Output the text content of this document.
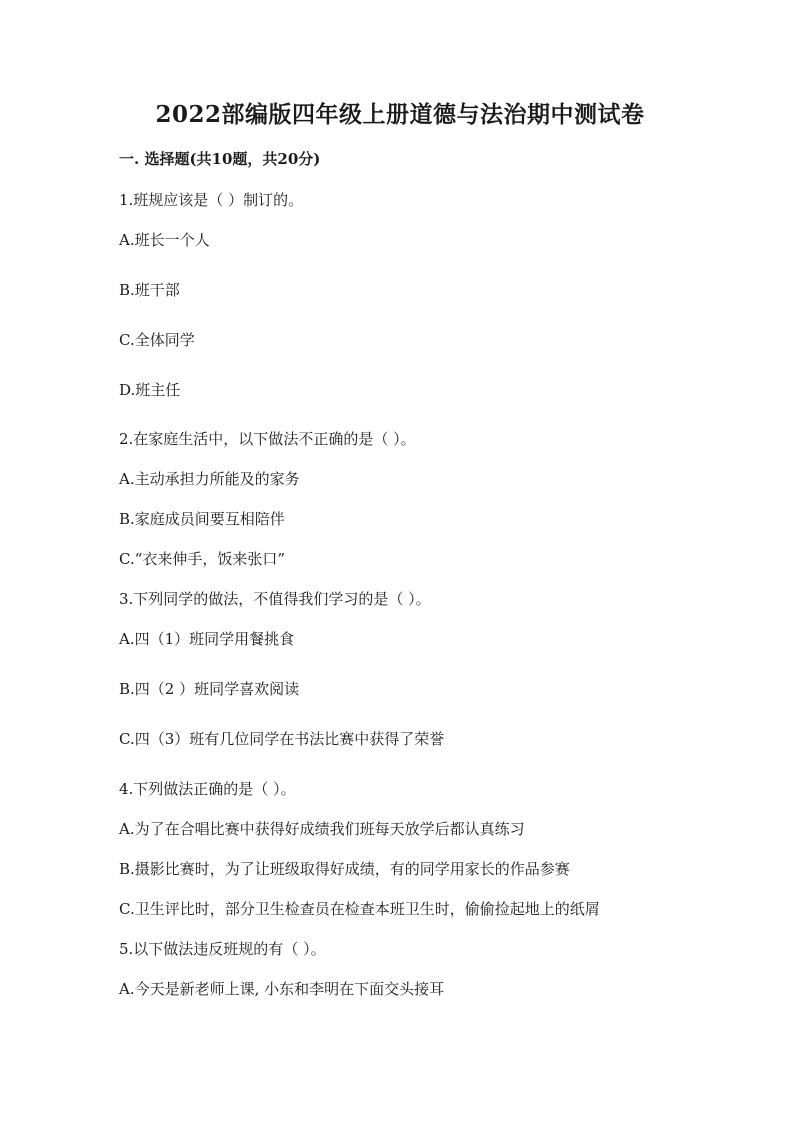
2022部编版四年级上册道德与法治期中测试卷
一. 选择题(共10题，共20分)
1.班规应该是（ ）制订的。
A.班长一个人
B.班干部
C.全体同学
D.班主任
2.在家庭生活中，以下做法不正确的是（ ）。
A.主动承担力所能及的家务
B.家庭成员间要互相陪伴
C.“衣来伸手，饭来张口”
3.下列同学的做法，不值得我们学习的是（ ）。
A.四（1）班同学用餐挑食
B.四（2 ）班同学喜欢阅读
C.四（3）班有几位同学在书法比赛中获得了荣誉
4.下列做法正确的是（ ）。
A.为了在合唱比赛中获得好成绩我们班每天放学后都认真练习
B.摄影比赛时，为了让班级取得好成绩，有的同学用家长的作品参赛
C.卫生评比时，部分卫生检查员在检查本班卫生时，偷偷捡起地上的纸屑
5.以下做法违反班规的有（ ）。
A.今天是新老师上课, 小东和李明在下面交头接耳
